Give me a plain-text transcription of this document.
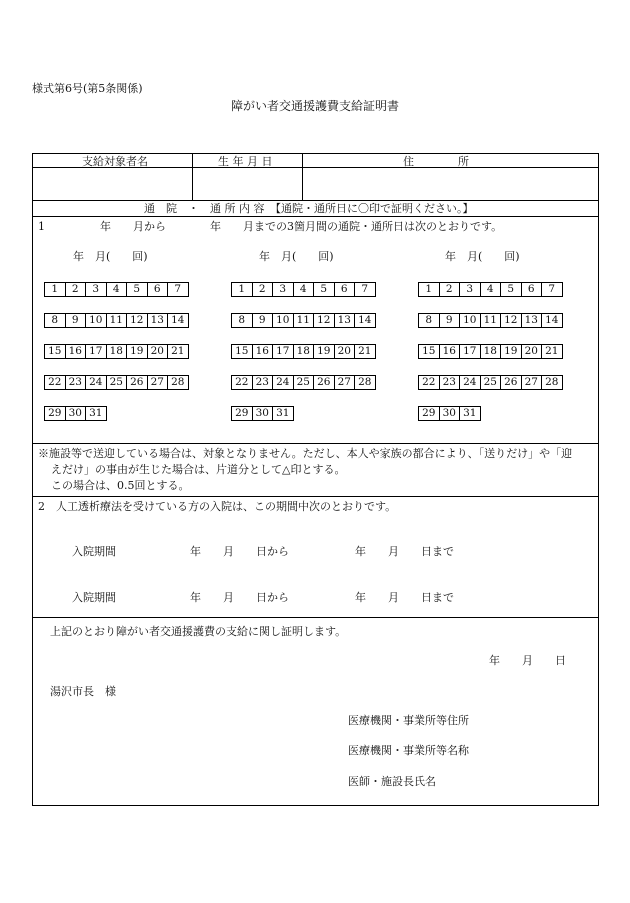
様式第6号(第5条関係)
障がい者交通援護費支給証明書
支給対象者名	生 年 月 日	住　　　　所
通　院　・　通 所 内 容　【通院・通所日に〇印で証明ください。】
1　　　　　年　　月から　　　　年　　月までの3箇月間の通院・通所日は次のとおりです。
年　月(　　回)	年　月(　　回)	年　月(　　回)
1	2	3	4	5	6	7
8	9 10 11 12 13 14
15 16 17 18 19 20 21
22 23 24 25 26 27 28
29 30 31
1	2	3	4	5	6	7
8	9 10 11 12 13 14
15 16 17 18 19 20 21
22 23 24 25 26 27 28
29 30 31
1	2	3	4	5	6	7
8	9 10 11 12 13 14
15 16 17 18 19 20 21
22 23 24 25 26 27 28
29 30 31
※施設等で送迎している場合は、対象となりません。ただし、本人や家族の都合により、「送りだけ」や「迎
えだけ」の事由が生じた場合は、片道分として△印とする。
この場合は、0.5回とする。
2　人工透析療法を受けている方の入院は、この期間中次のとおりです。
入院期間	年　　月　　日から	年　　月　　日まで
入院期間	年　　月　　日から	年　　月　　日まで
上記のとおり障がい者交通援護費の支給に関し証明します。
年　　月　　日
湯沢市長　様
医療機関・事業所等住所
医療機関・事業所等名称
医師・施設長氏名
